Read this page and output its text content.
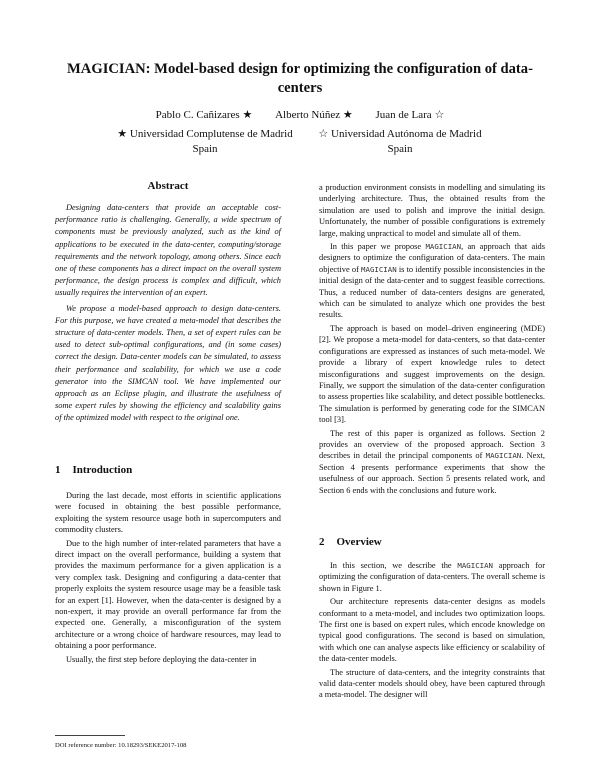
MAGICIAN: Model-based design for optimizing the configuration of data-centers
Pablo C. Cañizares ★ Alberto Núñez ★ Juan de Lara ☆
★ Universidad Complutense de Madrid
Spain
☆ Universidad Autónoma de Madrid
Spain
Abstract

Designing data-centers that provide an acceptable cost-performance ratio is challenging. Generally, a wide spectrum of components must be previously analyzed, such as the kind of applications to be executed in the data-center, computing/storage requirements and the network topology, among others. Since each one of these components has a direct impact on the overall system performance, the design process is complex and difficult, which usually requires the intervention of an expert.

We propose a model-based approach to design data-centers. For this purpose, we have created a meta-model that describes the structure of data-center models. Then, a set of expert rules can be used to detect sub-optimal configurations, and (in some cases) correct the design. Data-center models can be simulated, to assess their performance and scalability, for which we use a code generator into the SIMCAN tool. We have implemented our approach as an Eclipse plugin, and illustrate the usefulness of some expert rules by showing the efficiency and scalability gains of the optimized model with respect to the original one.

1 Introduction

During the last decade, most efforts in scientific applications were focused in obtaining the best possible performance, exploiting the system resource usage both in supercomputers and commodity clusters.

Due to the high number of inter-related parameters that have a direct impact on the overall performance, building a system that provides the maximum performance for a given application is a very complex task. Designing and configuring a data-center that properly exploits the system resource usage may be a feasible task for an expert [1]. However, when the data-center is designed by a non-expert, it may provide an overall performance far from the expected one. Generally, a misconfiguration of the system architecture or a wrong choice of hardware resources, may lead to obtaining a poor performance.

Usually, the first step before deploying the data-center in

DOI reference number: 10.18293/SEKE2017-108

a production environment consists in modelling and simulating its underlying architecture. Thus, the obtained results from the simulation are used to polish and improve the initial design. Unfortunately, the number of possible configurations is extremely large, making unpractical to model and simulate all of them.

In this paper we propose MAGICIAN, an approach that aids designers to optimize the configuration of data-centers. The main objective of MAGICIAN is to identify possible inconsistencies in the initial design of the data-center and to suggest feasible corrections. Thus, a reduced number of data-centers designs are generated, which can be simulated to analyze which one provides the best results.

The approach is based on model–driven engineering (MDE) [2]. We propose a meta-model for data-centers, so that data-center configurations are expressed as instances of such meta-model. We provide a library of expert knowledge rules to detect misconfigurations and suggest improvements on the design. Finally, we support the simulation of the data-center configuration to assess properties like scalability, and detect possible bottlenecks. The simulation is performed by generating code for the SIMCAN tool [3].

The rest of this paper is organized as follows. Section 2 provides an overview of the proposed approach. Section 3 describes in detail the principal components of MAGICIAN. Next, Section 4 presents performance experiments that show the usefulness of our approach. Section 5 presents related work, and Section 6 ends with the conclusions and future work.

2 Overview

In this section, we describe the MAGICIAN approach for optimizing the configuration of data-centers. The overall scheme is shown in Figure 1.

Our architecture represents data-center designs as models conformant to a meta-model, and includes two optimization loops. The first one is based on expert rules, which encode knowledge on typical good configurations. The second is based on simulation, with which one can analyse aspects like efficiency or scalability of the data-center models.

The structure of data-centers, and the integrity constraints that valid data-center models should obey, have been captured through a meta-model. The designer will
